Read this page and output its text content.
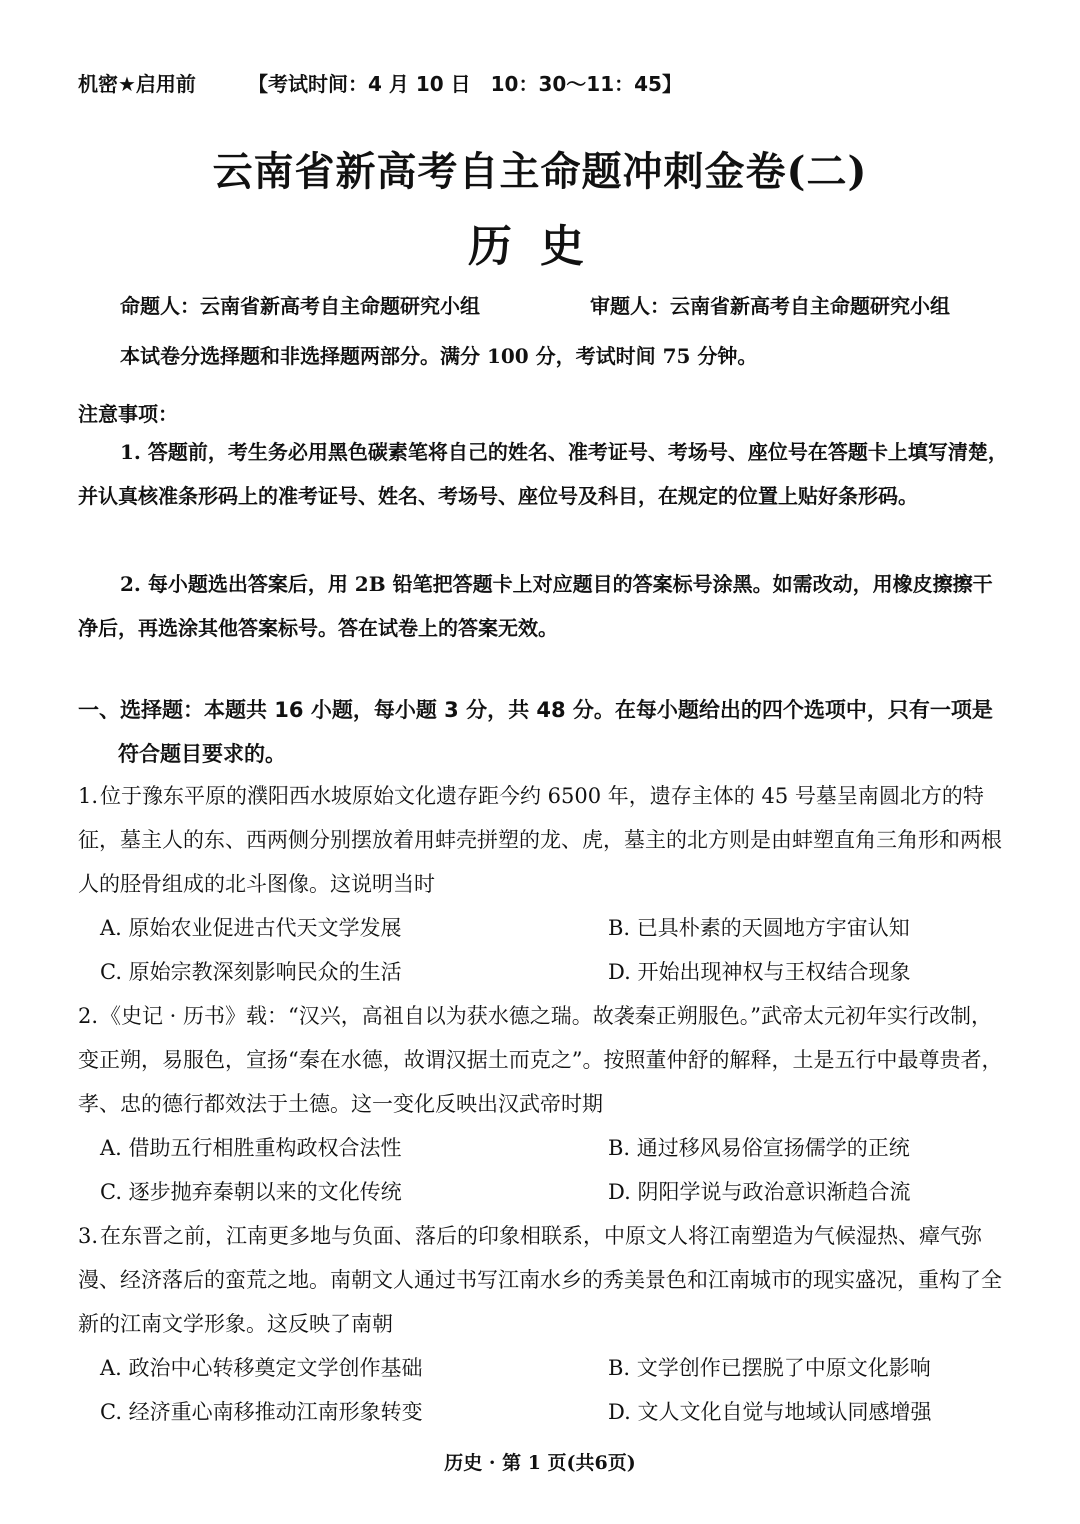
机密★启用前	【考试时间：4 月 10 日　10：30～11：45】
云南省新高考自主命题冲刺金卷(二)
历史
命题人：云南省新高考自主命题研究小组	审题人：云南省新高考自主命题研究小组
本试卷分选择题和非选择题两部分。满分 100 分，考试时间 75 分钟。
注意事项：
1. 答题前，考生务必用黑色碳素笔将自己的姓名、准考证号、考场号、座位号在答题卡上填写清楚，并认真核准条形码上的准考证号、姓名、考场号、座位号及科目，在规定的位置上贴好条形码。
2. 每小题选出答案后，用 2B 铅笔把答题卡上对应题目的答案标号涂黑。如需改动，用橡皮擦擦干净后，再选涂其他答案标号。答在试卷上的答案无效。
一、选择题：本题共 16 小题，每小题 3 分，共 48 分。在每小题给出的四个选项中，只有一项是
符合题目要求的。
1.位于豫东平原的濮阳西水坡原始文化遗存距今约 6500 年，遗存主体的 45 号墓呈南圆北方的特征，墓主人的东、西两侧分别摆放着用蚌壳拼塑的龙、虎，墓主的北方则是由蚌塑直角三角形和两根人的胫骨组成的北斗图像。这说明当时
A. 原始农业促进古代天文学发展	B. 已具朴素的天圆地方宇宙认知
C. 原始宗教深刻影响民众的生活	D. 开始出现神权与王权结合现象
2.《史记 · 历书》载：“汉兴，高祖自以为获水德之瑞。故袭秦正朔服色。”武帝太元初年实行改制，变正朔，易服色，宣扬“秦在水德，故谓汉据土而克之”。按照董仲舒的解释，土是五行中最尊贵者，孝、忠的德行都效法于土德。这一变化反映出汉武帝时期
A. 借助五行相胜重构政权合法性	B. 通过移风易俗宣扬儒学的正统
C. 逐步抛弃秦朝以来的文化传统	D. 阴阳学说与政治意识渐趋合流
3.在东晋之前，江南更多地与负面、落后的印象相联系，中原文人将江南塑造为气候湿热、瘴气弥漫、经济落后的蛮荒之地。南朝文人通过书写江南水乡的秀美景色和江南城市的现实盛况，重构了全新的江南文学形象。这反映了南朝
A. 政治中心转移奠定文学创作基础	B. 文学创作已摆脱了中原文化影响
C. 经济重心南移推动江南形象转变	D. 文人文化自觉与地域认同感增强
历史 · 第 1 页(共6页)
